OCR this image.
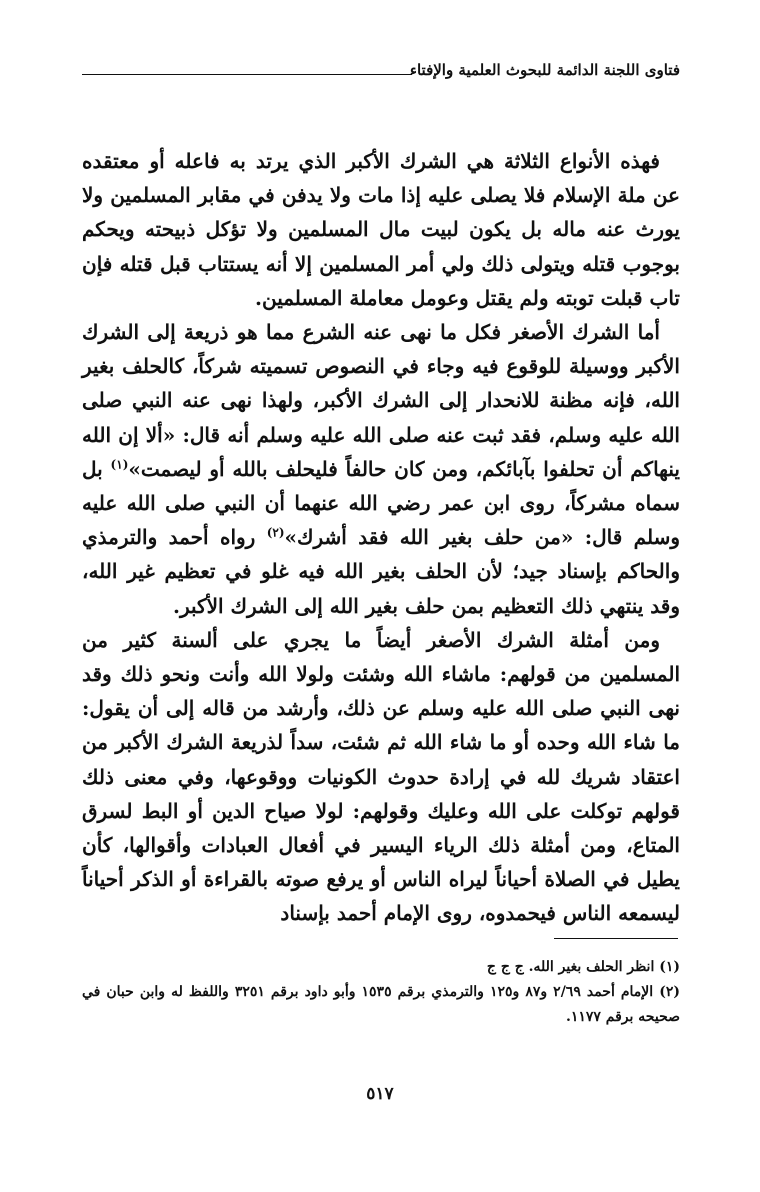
فتاوى اللجنة الدائمة للبحوث العلمية والإفتاء

فهذه الأنواع الثلاثة هي الشرك الأكبر الذي يرتد به فاعله أو معتقده عن ملة الإسلام فلا يصلى عليه إذا مات ولا يدفن في مقابر المسلمين ولا يورث عنه ماله بل يكون لبيت مال المسلمين ولا تؤكل ذبيحته ويحكم بوجوب قتله ويتولى ذلك ولي أمر المسلمين إلا أنه يستتاب قبل قتله فإن تاب قبلت توبته ولم يقتل وعومل معاملة المسلمين.

أما الشرك الأصغر فكل ما نهى عنه الشرع مما هو ذريعة إلى الشرك الأكبر ووسيلة للوقوع فيه وجاء في النصوص تسميته شركاً، كالحلف بغير الله، فإنه مظنة للانحدار إلى الشرك الأكبر، ولهذا نهى عنه النبي صلى الله عليه وسلم، فقد ثبت عنه صلى الله عليه وسلم أنه قال: «ألا إن الله ينهاكم أن تحلفوا بآبائكم، ومن كان حالفاً فليحلف بالله أو ليصمت»$^{(١)}$ بل سماه مشركاً، روى ابن عمر رضي الله عنهما أن النبي صلى الله عليه وسلم قال: «من حلف بغير الله فقد أشرك»$^{(٢)}$ رواه أحمد والترمذي والحاكم بإسناد جيد؛ لأن الحلف بغير الله فيه غلو في تعظيم غير الله، وقد ينتهي ذلك التعظيم بمن حلف بغير الله إلى الشرك الأكبر.

ومن أمثلة الشرك الأصغر أيضاً ما يجري على ألسنة كثير من المسلمين من قولهم: ماشاء الله وشئت ولولا الله وأنت ونحو ذلك وقد نهى النبي صلى الله عليه وسلم عن ذلك، وأرشد من قاله إلى أن يقول: ما شاء الله وحده أو ما شاء الله ثم شئت، سداً لذريعة الشرك الأكبر من اعتقاد شريك لله في إرادة حدوث الكونيات ووقوعها، وفي معنى ذلك قولهم توكلت على الله وعليك وقولهم: لولا صياح الدين أو البط لسرق المتاع، ومن أمثلة ذلك الرياء اليسير في أفعال العبادات وأقوالها، كأن يطيل في الصلاة أحياناً ليراه الناس أو يرفع صوته بالقراءة أو الذكر أحياناً ليسمعه الناس فيحمدوه، روى الإمام أحمد بإسناد

(١) انظر الحلف بغير الله. ج ج ج

(٢) الإمام أحمد ٢/٦٩ و٨٧ و١٢٥ والترمذي برقم ١٥٣٥ وأبو داود برقم ٣٢٥١ واللفظ له وابن حبان في صحيحه برقم ١١٧٧.

٥١٧
